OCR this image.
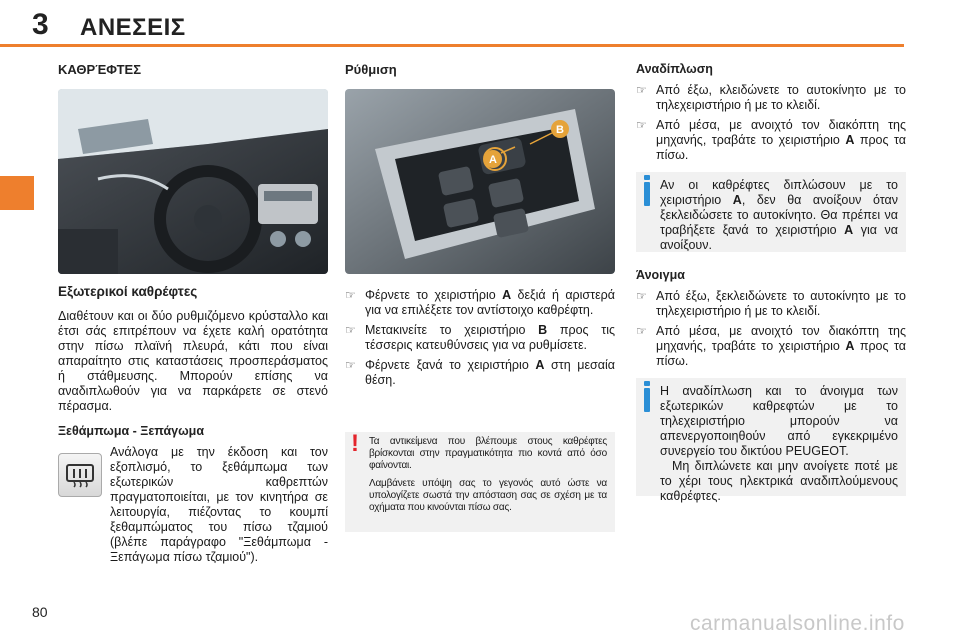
3 ΑΝΕΣΕΙΣ
ΚΑΘΡΈΦΤΕΣ
Εξωτερικοί καθρέφτες

Διαθέτουν και οι δύο ρυθμιζόμενο κρύσταλλο και έτσι σάς επιτρέπουν να έχετε καλή ορατότητα στην πίσω πλαϊνή πλευρά, κάτι που είναι απαραίτητο στις καταστάσεις προσπεράσματος ή στάθμευσης. Μπορούν επίσης να αναδιπλωθούν για να παρκάρετε σε στενό πέρασμα.

Ξεθάμπωμα - Ξεπάγωμα

Ανάλογα με την έκδοση και τον εξοπλισμό, το ξεθάμπωμα των εξωτερικών καθρεπτών πραγματοποιείται, με τον κινητήρα σε λειτουργία, πιέζοντας το κουμπί ξεθαμπώματος του πίσω τζαμιού (βλέπε παράγραφο "Ξεθάμπωμα - Ξεπάγωμα πίσω τζαμιού").

Ρύθμιση
A
B
☞ Φέρνετε το χειριστήριο A δεξιά ή αριστερά για να επιλέξετε τον αντίστοιχο καθρέφτη.
☞ Μετακινείτε το χειριστήριο B προς τις τέσσερις κατευθύνσεις για να ρυθμίσετε.
☞ Φέρνετε ξανά το χειριστήριο A στη μεσαία θέση.
! Τα αντικείμενα που βλέπουμε στους καθρέφτες βρίσκονται στην πραγματικότητα πιο κοντά από όσο φαίνονται.

Λαμβάνετε υπόψη σας το γεγονός αυτό ώστε να υπολογίζετε σωστά την απόσταση σας σε σχέση με τα οχήματα που κινούνται πίσω σας.

Αναδίπλωση
☞ Από έξω, κλειδώνετε το αυτοκίνητο με το τηλεχειριστήριο ή με το κλειδί.
☞ Από μέσα, με ανοιχτό τον διακόπτη της μηχανής, τραβάτε το χειριστήριο A προς τα πίσω.

Αν οι καθρέφτες διπλώσουν με το χειριστήριο A, δεν θα ανοίξουν όταν ξεκλειδώσετε το αυτοκίνητο. Θα πρέπει να τραβήξετε ξανά το χειριστήριο A για να ανοίξουν.

Άνοιγμα
☞ Από έξω, ξεκλειδώνετε το αυτοκίνητο με το τηλεχειριστήριο ή με το κλειδί.
☞ Από μέσα, με ανοιχτό τον διακόπτη της μηχανής, τραβάτε το χειριστήριο A προς τα πίσω.

Η αναδίπλωση και το άνοιγμα των εξωτερικών καθρεφτών με το τηλεχειριστήριο μπορούν να απενεργοποιηθούν από εγκεκριμένο συνεργείο του δικτύου PEUGEOT.

Μη διπλώνετε και μην ανοίγετε ποτέ με το χέρι τους ηλεκτρικά αναδιπλούμενους καθρέφτες.

80	carmanualsonline.info
